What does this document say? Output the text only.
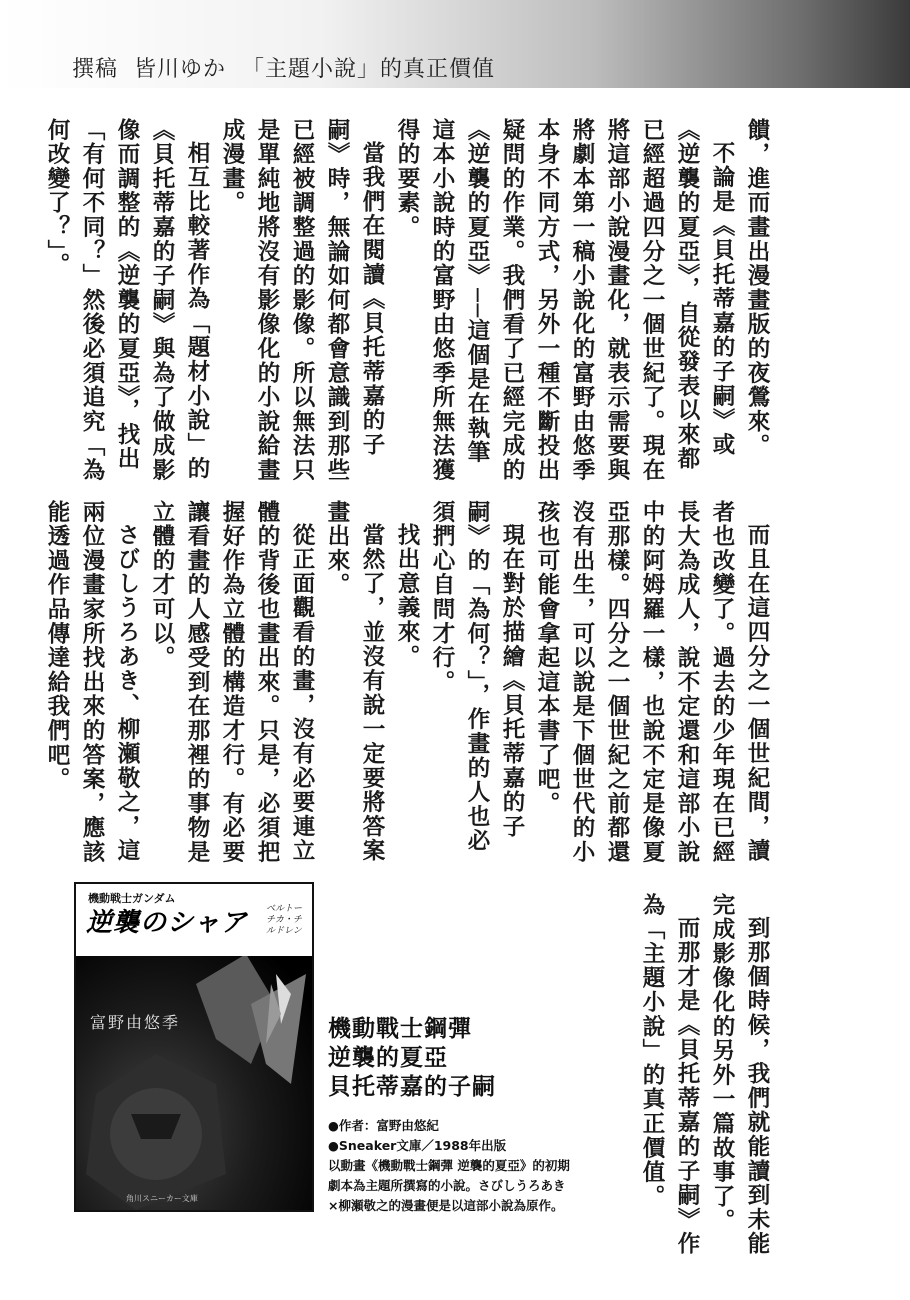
撰稿 皆川ゆか 「主題小說」的真正價值

饋，進而畫出漫畫版的夜鶯來。

不論是《貝托蒂嘉的子嗣》或《逆襲的夏亞》，自從發表以來都已經超過四分之一個世紀了。現在將這部小說漫畫化，就表示需要與將劇本第一稿小說化的富野由悠季本身不同方式，另外一種不斷投出疑問的作業。我們看了已經完成的《逆襲的夏亞》──這個是在執筆這本小說時的富野由悠季所無法獲得的要素。

當我們在閱讀《貝托蒂嘉的子嗣》時，無論如何都會意識到那些已經被調整過的影像。所以無法只是單純地將沒有影像化的小說給畫成漫畫。

相互比較著作為「題材小說」的《貝托蒂嘉的子嗣》與為了做成影像而調整的《逆襲的夏亞》，找出「有何不同？」然後必須追究「為何改變了？」。

而且在這四分之一個世紀間，讀者也改變了。過去的少年現在已經長大為成人，說不定還和這部小說中的阿姆羅一樣，也說不定是像夏亞那樣。四分之一個世紀之前都還沒有出生，可以說是下個世代的小孩也可能會拿起這本書了吧。

現在對於描繪《貝托蒂嘉的子嗣》的「為何？」，作畫的人也必須捫心自問才行。

找出意義來。

當然了，並沒有說一定要將答案畫出來。

從正面觀看的畫，沒有必要連立體的背後也畫出來。只是，必須把握好作為立體的構造才行。有必要讓看畫的人感受到在那裡的事物是立體的才可以。

さびしうろあき、柳瀬敬之，這兩位漫畫家所找出來的答案，應該能透過作品傳達給我們吧。

到那個時候，我們就能讀到未能完成影像化的另外一篇故事了。

而那才是《貝托蒂嘉的子嗣》作為「主題小說」的真正價值。

富野由悠季
角川スニーカー文庫
機動戦士ガンダム
逆襲のシャア ベルトーチカ・チルドレン
機動戰士鋼彈
逆襲的夏亞
貝托蒂嘉的子嗣
●作者：富野由悠紀
●Sneaker文庫／1988年出版
以動畫《機動戰士鋼彈 逆襲的夏亞》的初期
劇本為主題所撰寫的小說。さびしうろあき
×柳瀬敬之的漫畫便是以這部小說為原作。
